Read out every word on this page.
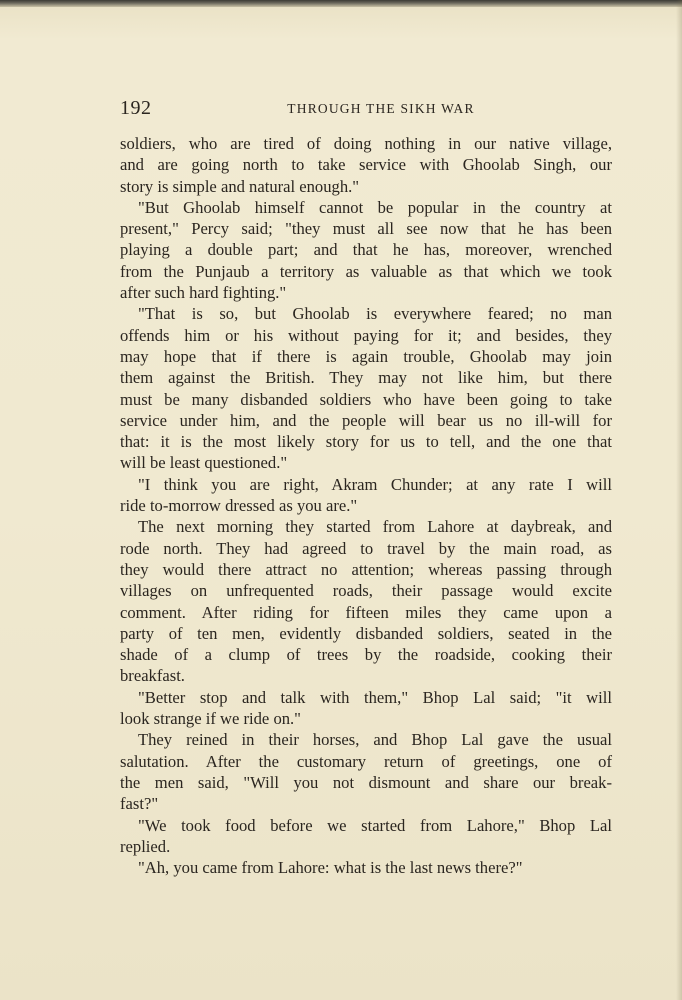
192	THROUGH THE SIKH WAR
soldiers, who are tired of doing nothing in our native village,
and are going north to take service with Ghoolab Singh, our
story is simple and natural enough."
"But Ghoolab himself cannot be popular in the country at
present," Percy said; "they must all see now that he has been
playing a double part; and that he has, moreover, wrenched
from the Punjaub a territory as valuable as that which we took
after such hard fighting."
"That is so, but Ghoolab is everywhere feared; no man
offends him or his without paying for it; and besides, they
may hope that if there is again trouble, Ghoolab may join
them against the British. They may not like him, but there
must be many disbanded soldiers who have been going to take
service under him, and the people will bear us no ill-will for
that: it is the most likely story for us to tell, and the one that
will be least questioned."
"I think you are right, Akram Chunder; at any rate I will
ride to-morrow dressed as you are."
The next morning they started from Lahore at daybreak, and
rode north. They had agreed to travel by the main road, as
they would there attract no attention; whereas passing through
villages on unfrequented roads, their passage would excite
comment. After riding for fifteen miles they came upon a
party of ten men, evidently disbanded soldiers, seated in the
shade of a clump of trees by the roadside, cooking their
breakfast.
"Better stop and talk with them," Bhop Lal said; "it will
look strange if we ride on."
They reined in their horses, and Bhop Lal gave the usual
salutation. After the customary return of greetings, one of
the men said, "Will you not dismount and share our break-
fast?"
"We took food before we started from Lahore," Bhop Lal
replied.
"Ah, you came from Lahore: what is the last news there?"
